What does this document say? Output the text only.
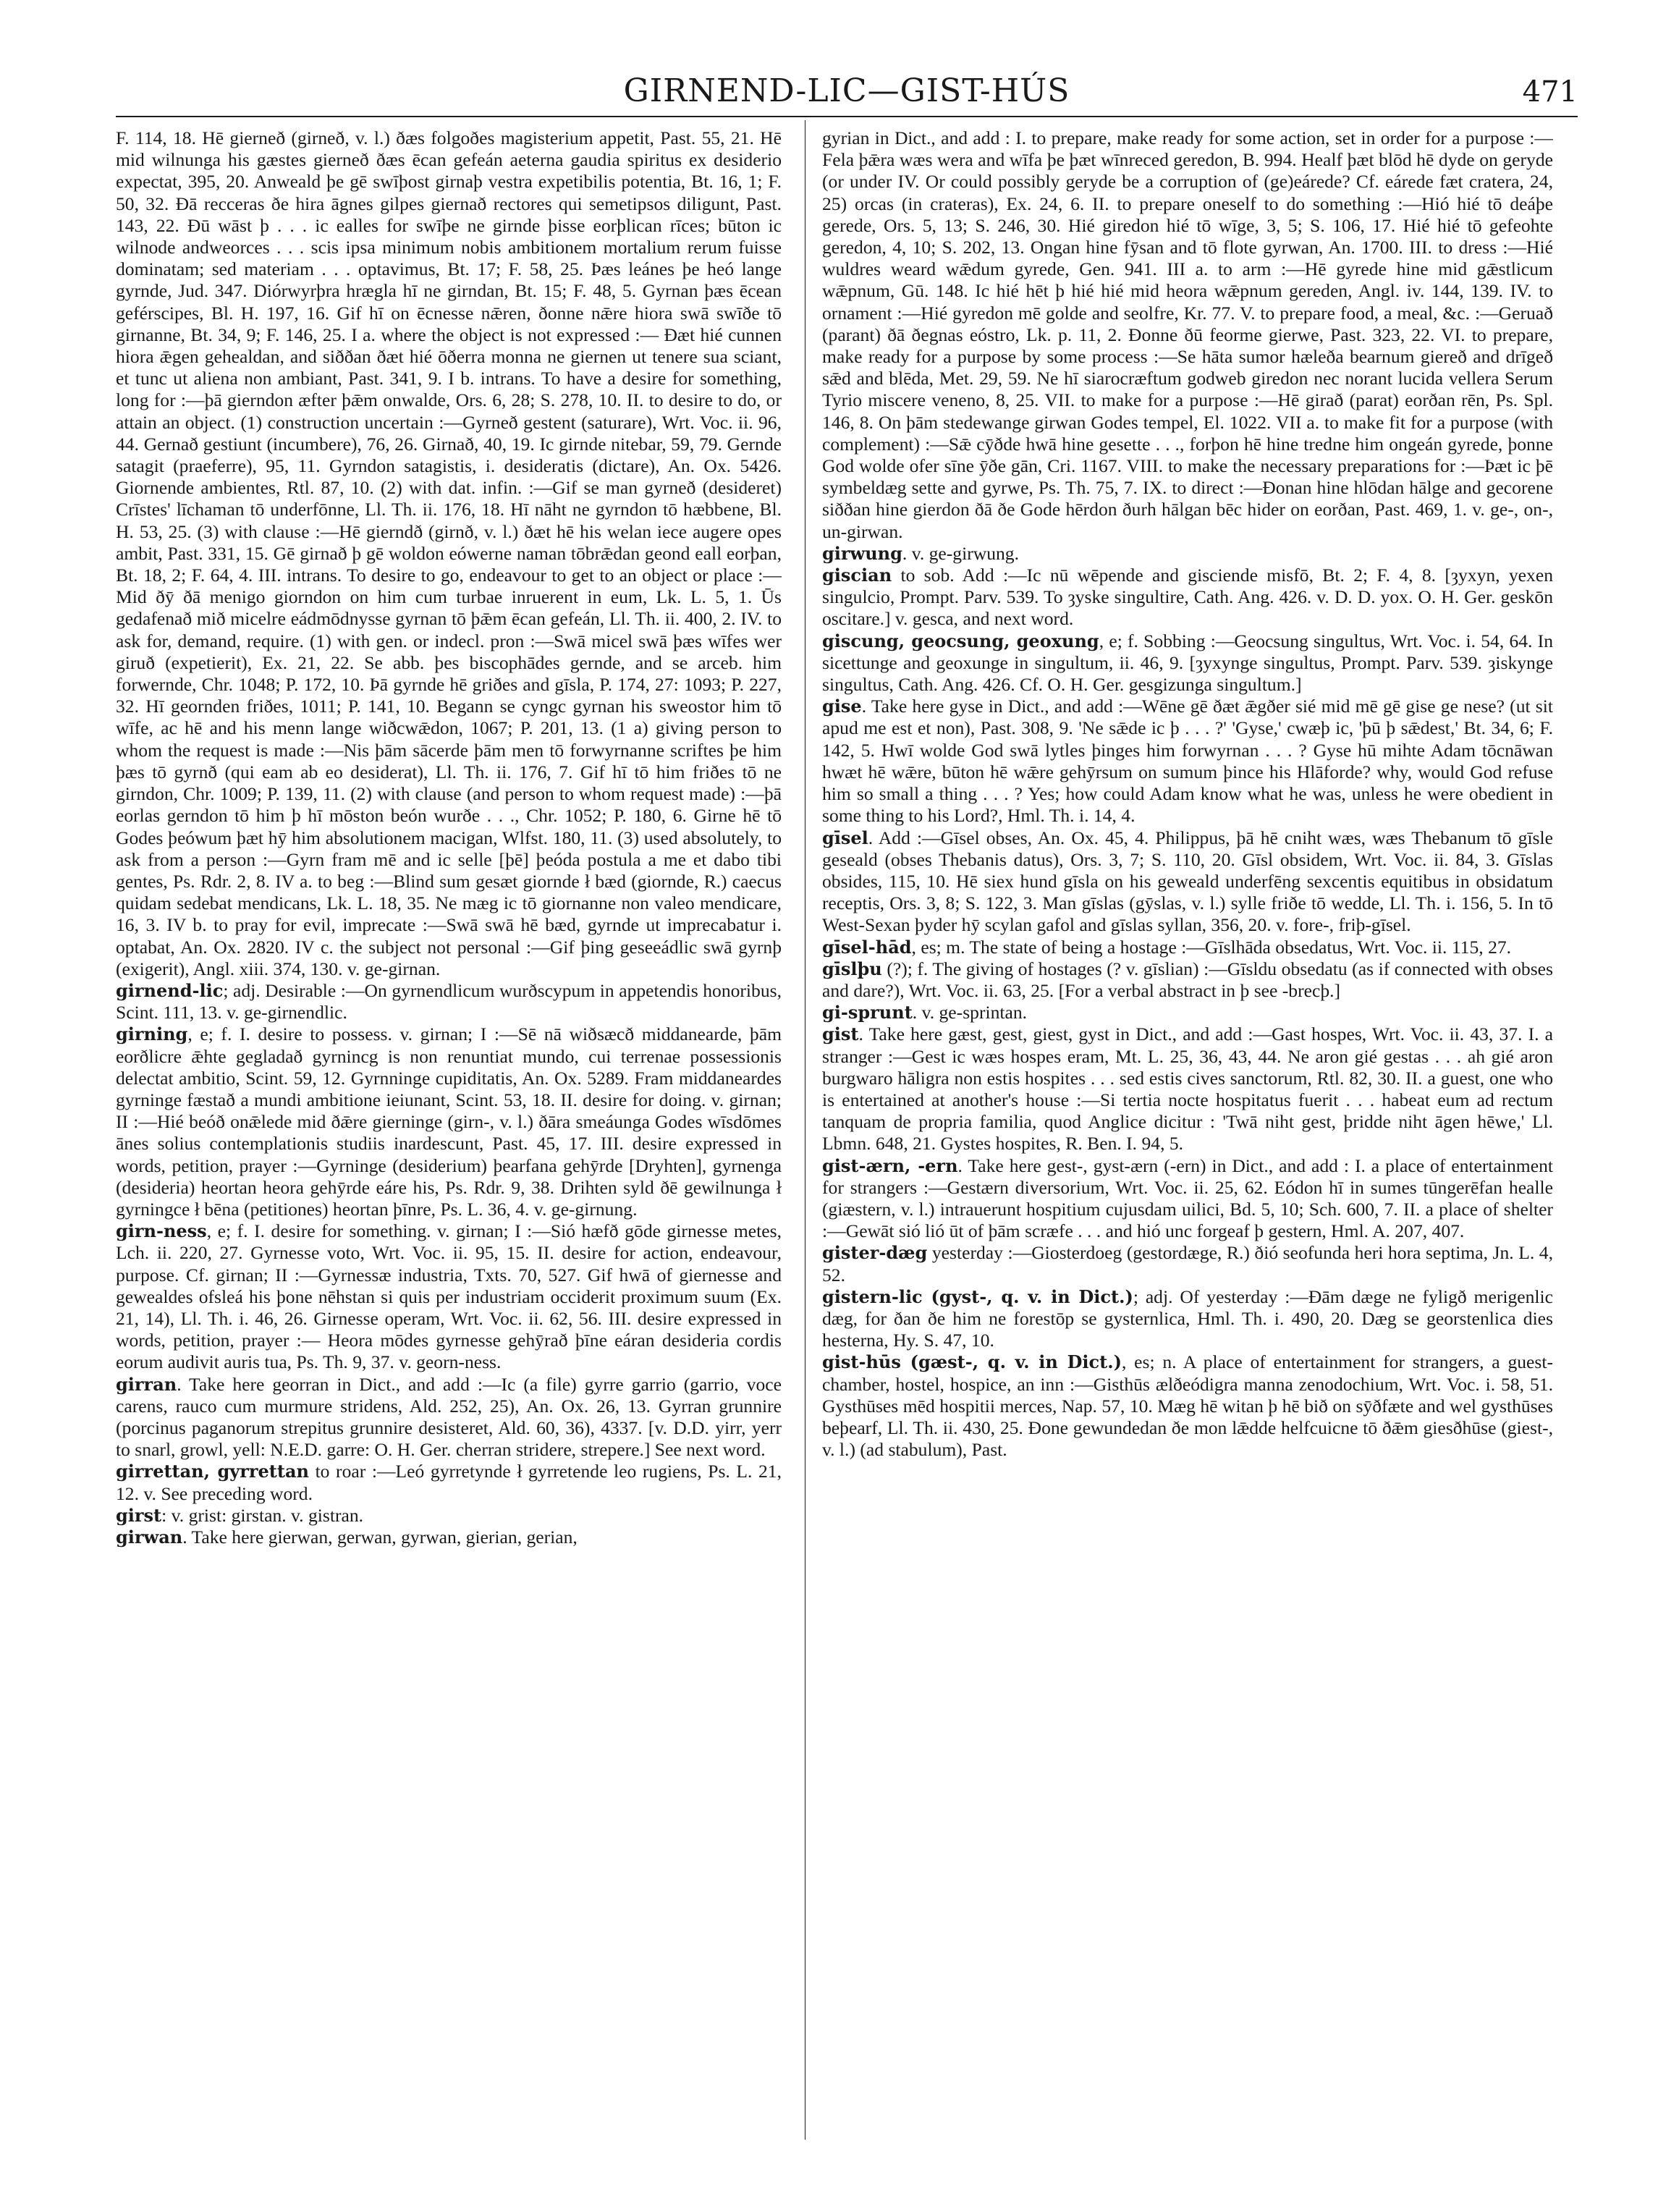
GIRNEND-LIC—GIST-HÚS	471

F. 114, 18. Hē gierneð (girneð, v. l.) ðæs folgoðes magisterium appetit, Past. 55, 21. Hē mid wilnunga his gæstes gierneð ðæs ēcan gefeán aeterna gaudia spiritus ex desiderio expectat, 395, 20. Anweald þe gē swīþost girnaþ vestra expetibilis potentia, Bt. 16, 1; F. 50, 32. Ðā recceras ðe hira āgnes gilpes giernað rectores qui semetipsos diligunt, Past. 143, 22. Ðū wāst þ . . . ic ealles for swīþe ne girnde þisse eorþlican rīces; būton ic wilnode andweorces . . . scis ipsa minimum nobis ambitionem mortalium rerum fuisse dominatam; sed materiam . . . optavimus, Bt. 17; F. 58, 25. Þæs leánes þe heó lange gyrnde, Jud. 347. Diórwyrþra hrægla hī ne girndan, Bt. 15; F. 48, 5. Gyrnan þæs ēcean geférscipes, Bl. H. 197, 16. Gif hī on ēcnesse nǣren, ðonne nǣre hiora swā swīðe tō girnanne, Bt. 34, 9; F. 146, 25. I a. where the object is not expressed :— Ðæt hié cunnen hiora ǣgen gehealdan, and siððan ðæt hié ōðerra monna ne giernen ut tenere sua sciant, et tunc ut aliena non ambiant, Past. 341, 9. I b. intrans. To have a desire for something, long for :—þā gierndon æfter þǣm onwalde, Ors. 6, 28; S. 278, 10. II. to desire to do, or attain an object. (1) construction uncertain :—Gyrneð gestent (saturare), Wrt. Voc. ii. 96, 44. Gernað gestiunt (incumbere), 76, 26. Girnað, 40, 19. Ic girnde nitebar, 59, 79. Gernde satagit (praeferre), 95, 11. Gyrndon satagistis, i. desideratis (dictare), An. Ox. 5426. Giornende ambientes, Rtl. 87, 10. (2) with dat. infin. :—Gif se man gyrneð (desideret) Crīstes' līchaman tō underfōnne, Ll. Th. ii. 176, 18. Hī nāht ne gyrndon tō hæbbene, Bl. H. 53, 25. (3) with clause :—Hē gierndð (girnð, v. l.) ðæt hē his welan iece augere opes ambit, Past. 331, 15. Gē girnað þ gē woldon eówerne naman tōbrǣdan geond eall eorþan, Bt. 18, 2; F. 64, 4. III. intrans. To desire to go, endeavour to get to an object or place :—Mid ðȳ ðā menigo giorndon on him cum turbae inruerent in eum, Lk. L. 5, 1. Ūs gedafenað mið micelre eádmōdnysse gyrnan tō þǣm ēcan gefeán, Ll. Th. ii. 400, 2. IV. to ask for, demand, require. (1) with gen. or indecl. pron :—Swā micel swā þæs wīfes wer giruð (expetierit), Ex. 21, 22. Se abb. þes biscophādes gernde, and se arceb. him forwernde, Chr. 1048; P. 172, 10. Þā gyrnde hē griðes and gīsla, P. 174, 27: 1093; P. 227, 32. Hī geornden friðes, 1011; P. 141, 10. Begann se cyngc gyrnan his sweostor him tō wīfe, ac hē and his menn lange wiðcwǣdon, 1067; P. 201, 13. (1 a) giving person to whom the request is made :—Nis þām sācerde þām men tō forwyrnanne scriftes þe him þæs tō gyrnð (qui eam ab eo desiderat), Ll. Th. ii. 176, 7. Gif hī tō him friðes tō ne girndon, Chr. 1009; P. 139, 11. (2) with clause (and person to whom request made) :—þā eorlas gerndon tō him þ hī mōston beón wurðe . . ., Chr. 1052; P. 180, 6. Girne hē tō Godes þeówum þæt hȳ him absolutionem macigan, Wlfst. 180, 11. (3) used absolutely, to ask from a person :—Gyrn fram mē and ic selle [þē] þeóda postula a me et dabo tibi gentes, Ps. Rdr. 2, 8. IV a. to beg :—Blind sum gesæt giornde ł bæd (giornde, R.) caecus quidam sedebat mendicans, Lk. L. 18, 35. Ne mæg ic tō giornanne non valeo mendicare, 16, 3. IV b. to pray for evil, imprecate :—Swā swā hē bæd, gyrnde ut imprecabatur i. optabat, An. Ox. 2820. IV c. the subject not personal :—Gif þing geseeádlic swā gyrnþ (exigerit), Angl. xiii. 374, 130. v. ge-girnan.

girnend-lic; adj. Desirable :—On gyrnendlicum wurðscypum in appetendis honoribus, Scint. 111, 13. v. ge-girnendlic.

girning, e; f. I. desire to possess. v. girnan; I :—Sē nā wiðsæcð middanearde, þām eorðlicre ǣhte gegladað gyrnincg is non renuntiat mundo, cui terrenae possessionis delectat ambitio, Scint. 59, 12. Gyrnninge cupiditatis, An. Ox. 5289. Fram middaneardes gyrninge fæstað a mundi ambitione ieiunant, Scint. 53, 18. II. desire for doing. v. girnan; II :—Hié beóð onǣlede mid ðǣre gierninge (girn-, v. l.) ðāra smeáunga Godes wīsdōmes ānes solius contemplationis studiis inardescunt, Past. 45, 17. III. desire expressed in words, petition, prayer :—Gyrninge (desiderium) þearfana gehȳrde [Dryhten], gyrnenga (desideria) heortan heora gehȳrde eáre his, Ps. Rdr. 9, 38. Drihten syld ðē gewilnunga ł gyrningce ł bēna (petitiones) heortan þīnre, Ps. L. 36, 4. v. ge-girnung.

girn-ness, e; f. I. desire for something. v. girnan; I :—Sió hæfð gōde girnesse metes, Lch. ii. 220, 27. Gyrnesse voto, Wrt. Voc. ii. 95, 15. II. desire for action, endeavour, purpose. Cf. girnan; II :—Gyrnessæ industria, Txts. 70, 527. Gif hwā of giernesse and gewealdes ofsleá his þone nēhstan si quis per industriam occiderit proximum suum (Ex. 21, 14), Ll. Th. i. 46, 26. Girnesse operam, Wrt. Voc. ii. 62, 56. III. desire expressed in words, petition, prayer :— Heora mōdes gyrnesse gehȳrað þīne eáran desideria cordis eorum audivit auris tua, Ps. Th. 9, 37. v. georn-ness.

girran. Take here georran in Dict., and add :—Ic (a file) gyrre garrio (garrio, voce carens, rauco cum murmure stridens, Ald. 252, 25), An. Ox. 26, 13. Gyrran grunnire (porcinus paganorum strepitus grunnire desisteret, Ald. 60, 36), 4337. [v. D.D. yirr, yerr to snarl, growl, yell: N.E.D. garre: O. H. Ger. cherran stridere, strepere.] See next word.

girrettan, gyrrettan to roar :—Leó gyrretynde ł gyrretende leo rugiens, Ps. L. 21, 12. v. See preceding word.

girst: v. grist: girstan. v. gistran.

girwan. Take here gierwan, gerwan, gyrwan, gierian, gerian,

gyrian in Dict., and add : I. to prepare, make ready for some action, set in order for a purpose :—Fela þǣra wæs wera and wīfa þe þæt wīnreced geredon, B. 994. Healf þæt blōd hē dyde on geryde (or under IV. Or could possibly geryde be a corruption of (ge)eárede? Cf. eárede fæt cratera, 24, 25) orcas (in crateras), Ex. 24, 6. II. to prepare oneself to do something :—Hió hié tō deáþe gerede, Ors. 5, 13; S. 246, 30. Hié giredon hié tō wīge, 3, 5; S. 106, 17. Hié hié tō gefeohte geredon, 4, 10; S. 202, 13. Ongan hine fȳsan and tō flote gyrwan, An. 1700. III. to dress :—Hié wuldres weard wǣdum gyrede, Gen. 941. III a. to arm :—Hē gyrede hine mid gǣstlicum wǣpnum, Gū. 148. Ic hié hēt þ hié hié mid heora wǣpnum gereden, Angl. iv. 144, 139. IV. to ornament :—Hié gyredon mē golde and seolfre, Kr. 77. V. to prepare food, a meal, &c. :—Geruað (parant) ðā ðegnas eóstro, Lk. p. 11, 2. Ðonne ðū feorme gierwe, Past. 323, 22. VI. to prepare, make ready for a purpose by some process :—Se hāta sumor hæleða bearnum giereð and drīgeð sǣd and blēda, Met. 29, 59. Ne hī siarocræftum godweb giredon nec norant lucida vellera Serum Tyrio miscere veneno, 8, 25. VII. to make for a purpose :—Hē girað (parat) eorðan rēn, Ps. Spl. 146, 8. On þām stedewange girwan Godes tempel, El. 1022. VII a. to make fit for a purpose (with complement) :—Sǣ cȳðde hwā hine gesette . . ., forþon hē hine tredne him ongeán gyrede, þonne God wolde ofer sīne ȳðe gān, Cri. 1167. VIII. to make the necessary preparations for :—Þæt ic þē symbeldæg sette and gyrwe, Ps. Th. 75, 7. IX. to direct :—Ðonan hine hlōdan hālge and gecorene siððan hine gierdon ðā ðe Gode hērdon ðurh hālgan bēc hider on eorðan, Past. 469, 1. v. ge-, on-, un-girwan.

girwung. v. ge-girwung.

giscian to sob. Add :—Ic nū wēpende and gisciende misfō, Bt. 2; F. 4, 8. [ȝyxyn, yexen singulcio, Prompt. Parv. 539. To ȝyske singultire, Cath. Ang. 426. v. D. D. yox. O. H. Ger. geskōn oscitare.] v. gesca, and next word.

giscung, geocsung, geoxung, e; f. Sobbing :—Geocsung singultus, Wrt. Voc. i. 54, 64. In sicettunge and geoxunge in singultum, ii. 46, 9. [ȝyxynge singultus, Prompt. Parv. 539. ȝiskynge singultus, Cath. Ang. 426. Cf. O. H. Ger. gesgizunga singultum.]

gise. Take here gyse in Dict., and add :—Wēne gē ðæt ǣgðer sié mid mē gē gise ge nese? (ut sit apud me est et non), Past. 308, 9. 'Ne sǣde ic þ . . . ?' 'Gyse,' cwæþ ic, 'þū þ sǣdest,' Bt. 34, 6; F. 142, 5. Hwī wolde God swā lytles þinges him forwyrnan . . . ? Gyse hū mihte Adam tōcnāwan hwæt hē wǣre, būton hē wǣre gehȳrsum on sumum þince his Hlāforde? why, would God refuse him so small a thing . . . ? Yes; how could Adam know what he was, unless he were obedient in some thing to his Lord?, Hml. Th. i. 14, 4.

gīsel. Add :—Gīsel obses, An. Ox. 45, 4. Philippus, þā hē cniht wæs, wæs Thebanum tō gīsle geseald (obses Thebanis datus), Ors. 3, 7; S. 110, 20. Gīsl obsidem, Wrt. Voc. ii. 84, 3. Gīslas obsides, 115, 10. Hē siex hund gīsla on his geweald underfēng sexcentis equitibus in obsidatum receptis, Ors. 3, 8; S. 122, 3. Man gīslas (gȳslas, v. l.) sylle friðe tō wedde, Ll. Th. i. 156, 5. In tō West-Sexan þyder hȳ scylan gafol and gīslas syllan, 356, 20. v. fore-, friþ-gīsel.

gīsel-hād, es; m. The state of being a hostage :—Gīslhāda obsedatus, Wrt. Voc. ii. 115, 27.

gīslþu (?); f. The giving of hostages (? v. gīslian) :—Gīsldu obsedatu (as if connected with obses and dare?), Wrt. Voc. ii. 63, 25. [For a verbal abstract in þ see -brecþ.]

gi-sprunt. v. ge-sprintan.

gist. Take here gæst, gest, giest, gyst in Dict., and add :—Gast hospes, Wrt. Voc. ii. 43, 37. I. a stranger :—Gest ic wæs hospes eram, Mt. L. 25, 36, 43, 44. Ne aron gié gestas . . . ah gié aron burgwaro hāligra non estis hospites . . . sed estis cives sanctorum, Rtl. 82, 30. II. a guest, one who is entertained at another's house :—Si tertia nocte hospitatus fuerit . . . habeat eum ad rectum tanquam de propria familia, quod Anglice dicitur : 'Twā niht gest, þridde niht āgen hēwe,' Ll. Lbmn. 648, 21. Gystes hospites, R. Ben. I. 94, 5.

gist-ærn, -ern. Take here gest-, gyst-ærn (-ern) in Dict., and add : I. a place of entertainment for strangers :—Gestærn diversorium, Wrt. Voc. ii. 25, 62. Eódon hī in sumes tūngerēfan healle (giæstern, v. l.) intrauerunt hospitium cujusdam uilici, Bd. 5, 10; Sch. 600, 7. II. a place of shelter :—Gewāt sió lió ūt of þām scræfe . . . and hió unc forgeaf þ gestern, Hml. A. 207, 407.

gister-dæg yesterday :—Giosterdoeg (gestordæge, R.) ðió seofunda heri hora septima, Jn. L. 4, 52.

gistern-lic (gyst-, q. v. in Dict.); adj. Of yesterday :—Ðām dæge ne fyligð merigenlic dæg, for ðan ðe him ne forestōp se gysternlica, Hml. Th. i. 490, 20. Dæg se georstenlica dies hesterna, Hy. S. 47, 10.

gist-hūs (gæst-, q. v. in Dict.), es; n. A place of entertainment for strangers, a guest-chamber, hostel, hospice, an inn :—Gisthūs ælðeódigra manna zenodochium, Wrt. Voc. i. 58, 51. Gysthūses mēd hospitii merces, Nap. 57, 10. Mæg hē witan þ hē bið on sȳðfæte and wel gysthūses beþearf, Ll. Th. ii. 430, 25. Ðone gewundedan ðe mon lǣdde helfcuicne tō ðǣm giesðhūse (giest-, v. l.) (ad stabulum), Past.
